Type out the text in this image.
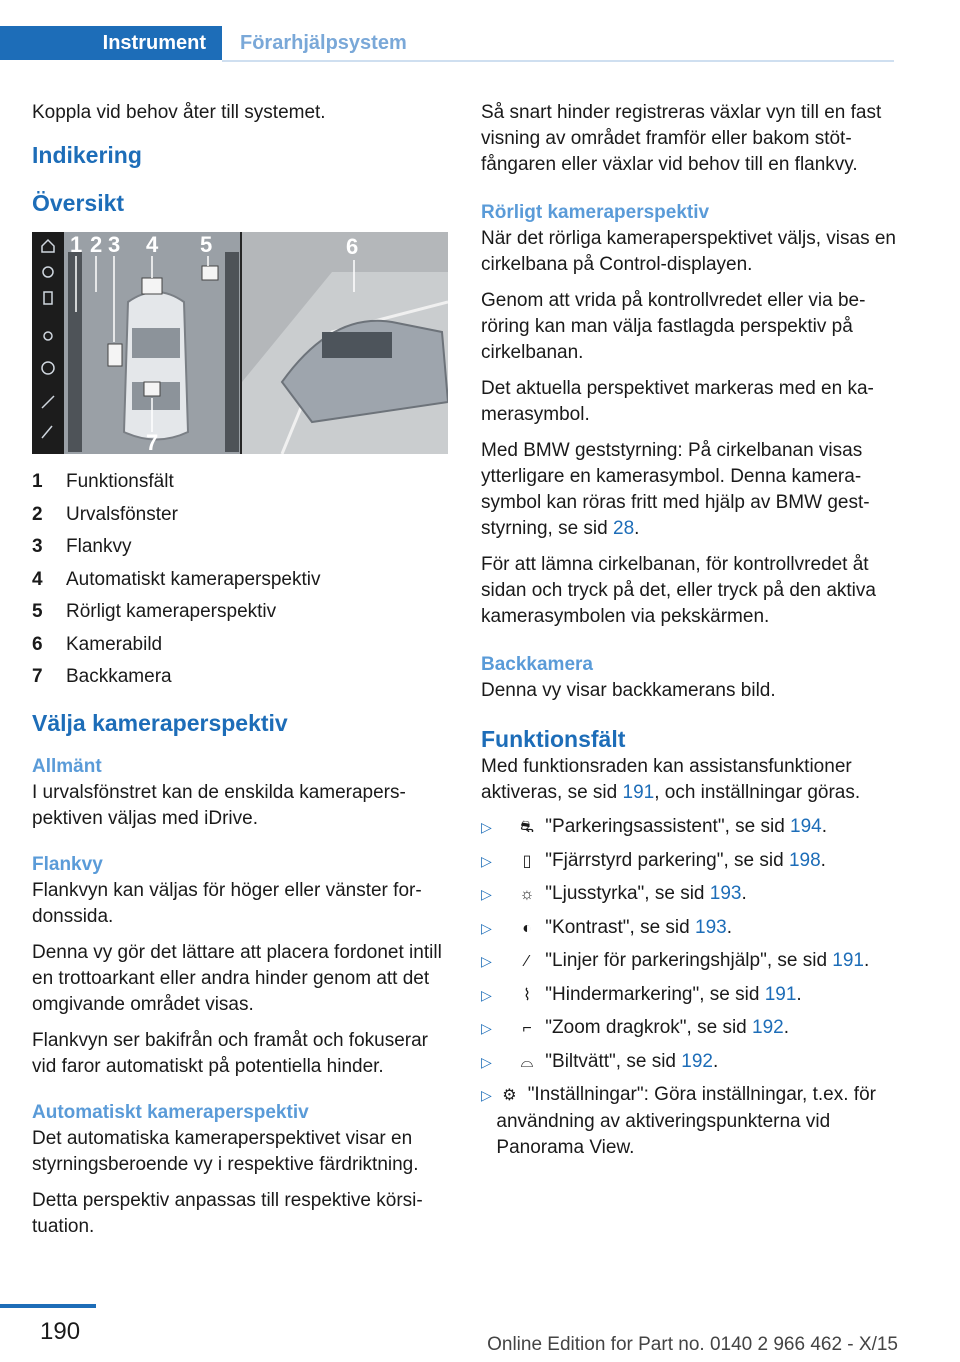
Instrument	Förarhjälpsystem

Koppla vid behov åter till systemet.

Indikering
Översikt
1 2 3 4 5	6
7
1	Funktionsfält
2	Urvalsfönster
3	Flankvy
4	Automatiskt kameraperspektiv
5	Rörligt kameraperspektiv
6	Kamerabild
7	Backkamera
Välja kameraperspektiv
Allmänt

I urvalsfönstret kan de enskilda kameraperspektiven väljas med iDrive.

Flankvy

Flankvyn kan väljas för höger eller vänster fordonssida.

Denna vy gör det lättare att placera fordonet intill en trottoarkant eller andra hinder genom att det omgivande området visas.

Flankvyn ser bakifrån och framåt och fokuserar vid faror automatiskt på potentiella hinder.

Automatiskt kameraperspektiv

Det automatiska kameraperspektivet visar en styrningsberoende vy i respektive färdriktning.

Detta perspektiv anpassas till respektive körsituation.

Så snart hinder registreras växlar vyn till en fast visning av området framför eller bakom stötfångaren eller växlar vid behov till en flankvy.

Rörligt kameraperspektiv

När det rörliga kameraperspektivet väljs, visas en cirkelbana på Control-displayen.

Genom att vrida på kontrollvredet eller via beröring kan man välja fastlagda perspektiv på cirkelbanan.

Det aktuella perspektivet markeras med en kamerasymbol.

Med BMW geststyrning: På cirkelbanan visas ytterligare en kamerasymbol. Denna kamerasymbol kan röras fritt med hjälp av BMW geststyrning, se sid 28.

För att lämna cirkelbanan, för kontrollvredet åt sidan och tryck på det, eller tryck på den aktiva kamerasymbolen via pekskärmen.

Backkamera

Denna vy visar backkamerans bild.

Funktionsfält

Med funktionsraden kan assistansfunktioner aktiveras, se sid 191, och inställningar göras.

▷	⛐ "Parkeringsassistent", se sid 194.
▷	▯ "Fjärrstyrd parkering", se sid 198.
▷	☼ "Ljusstyrka", se sid 193.
▷	◐ "Kontrast", se sid 193.
▷	∕ "Linjer för parkeringshjälp", se sid 191.
▷	⌇ "Hindermarkering", se sid 191.
▷	⌐ "Zoom dragkrok", se sid 192.
▷	⌓ "Biltvätt", se sid 192.
▷ ⚙ "Inställningar": Göra inställningar, t.ex. för användning av aktiveringspunkterna vid Panorama View.
190	Online Edition for Part no. 0140 2 966 462 - X/15
